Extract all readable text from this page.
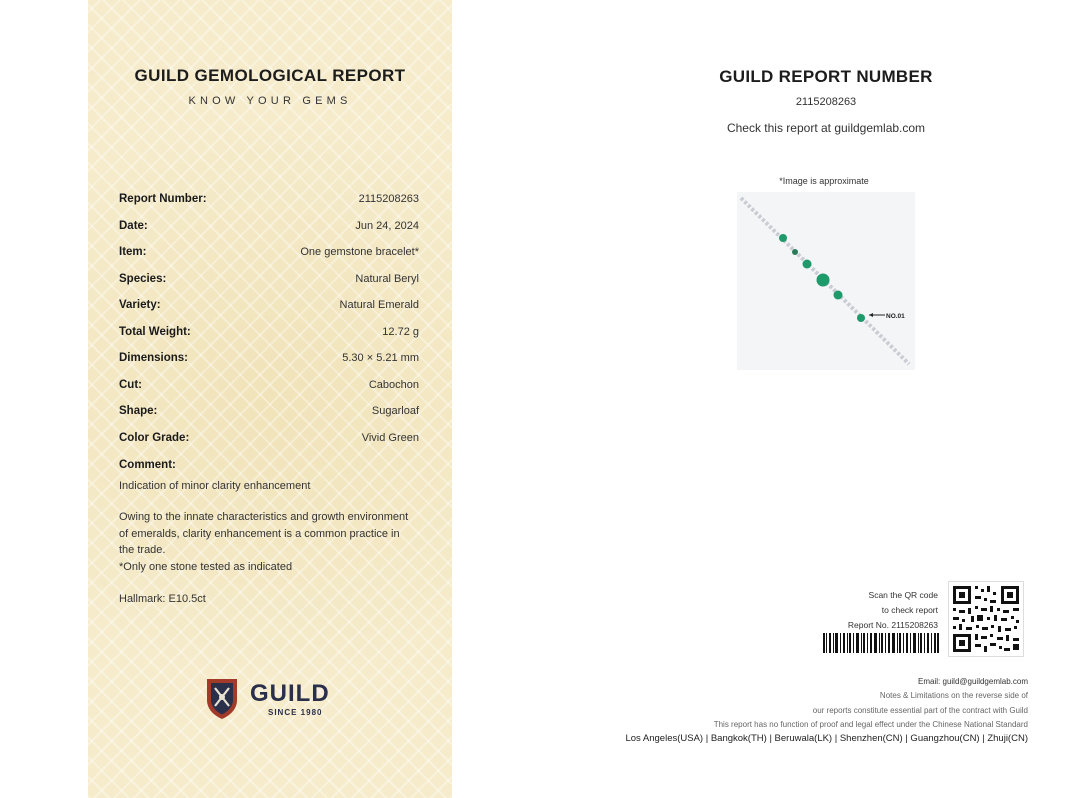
GUILD GEMOLOGICAL REPORT
KNOW YOUR GEMS
Report Number:	2115208263
Date:	Jun 24, 2024
Item:	One gemstone bracelet*
Species:	Natural Beryl
Variety:	Natural Emerald
Total Weight:	12.72 g
Dimensions:	5.30 × 5.21 mm
Cut:	Cabochon
Shape:	Sugarloaf
Color Grade:	Vivid Green
Comment:
Indication of minor clarity enhancement
Owing to the innate characteristics and growth environment of emeralds, clarity enhancement is a common practice in the trade.
*Only one stone tested as indicated
Hallmark: E10.5ct
GUILD
SINCE 1980
GUILD REPORT NUMBER
2115208263
Check this report at guildgemlab.com
*Image is approximate
NO.01
Scan the QR code
to check report
Report No. 2115208263
Email: guild@guildgemlab.com
Notes & Limitations on the reverse side of
our reports constitute essential part of the contract with Guild
This report has no function of proof and legal effect under the Chinese National Standard
Los Angeles(USA) | Bangkok(TH) | Beruwala(LK) | Shenzhen(CN) | Guangzhou(CN) | Zhuji(CN)
